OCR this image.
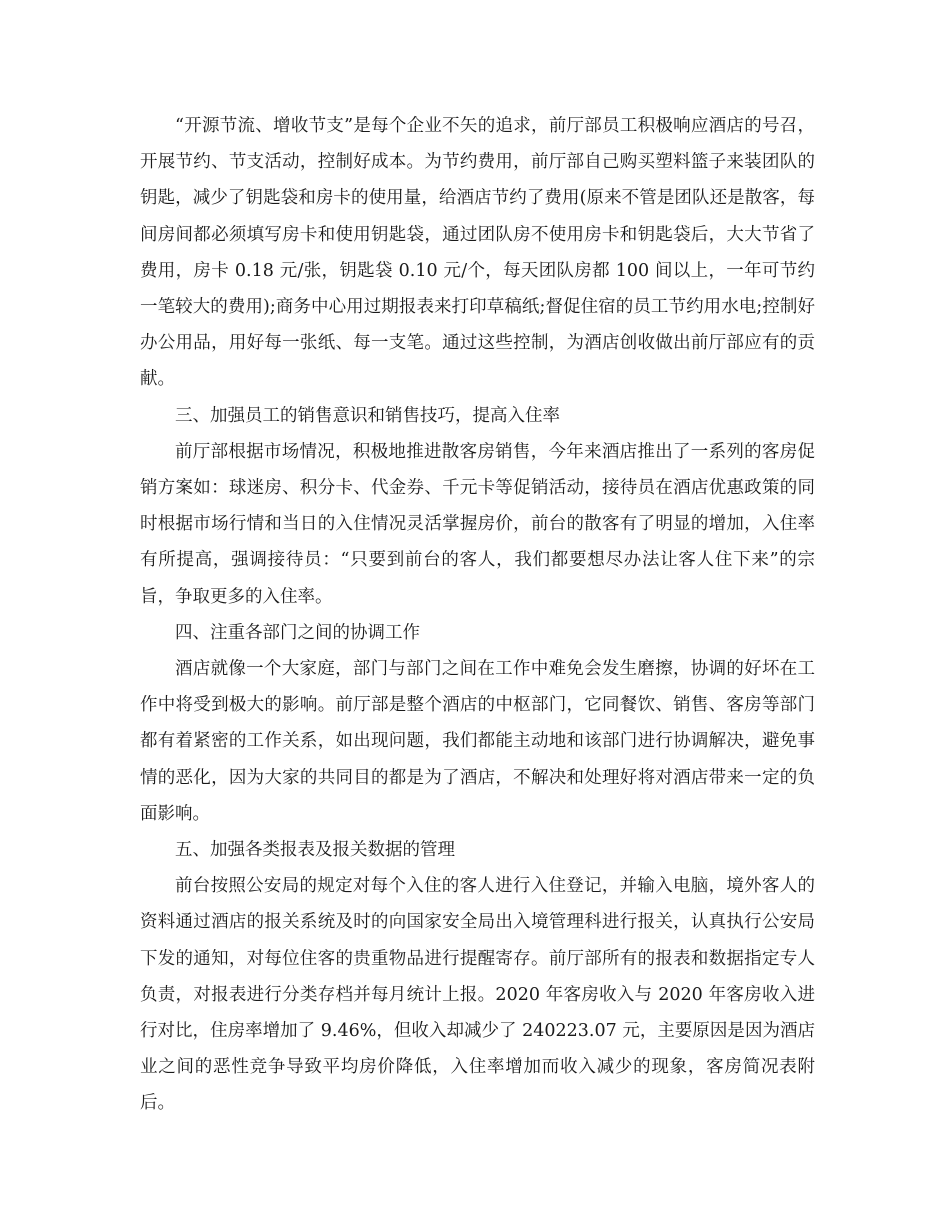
“开源节流、增收节支”是每个企业不矢的追求，前厅部员工积极响应酒店的号召，开展节约、节支活动，控制好成本。为节约费用，前厅部自己购买塑料篮子来装团队的钥匙，减少了钥匙袋和房卡的使用量，给酒店节约了费用(原来不管是团队还是散客，每间房间都必须填写房卡和使用钥匙袋，通过团队房不使用房卡和钥匙袋后，大大节省了费用，房卡 0.18 元/张，钥匙袋 0.10 元/个，每天团队房都 100 间以上，一年可节约一笔较大的费用);商务中心用过期报表来打印草稿纸;督促住宿的员工节约用水电;控制好办公用品，用好每一张纸、每一支笔。通过这些控制，为酒店创收做出前厅部应有的贡献。

三、加强员工的销售意识和销售技巧，提高入住率

前厅部根据市场情况，积极地推进散客房销售，今年来酒店推出了一系列的客房促销方案如：球迷房、积分卡、代金券、千元卡等促销活动，接待员在酒店优惠政策的同时根据市场行情和当日的入住情况灵活掌握房价，前台的散客有了明显的增加，入住率有所提高，强调接待员：“只要到前台的客人，我们都要想尽办法让客人住下来”的宗旨，争取更多的入住率。

四、注重各部门之间的协调工作

酒店就像一个大家庭，部门与部门之间在工作中难免会发生磨擦，协调的好坏在工作中将受到极大的影响。前厅部是整个酒店的中枢部门，它同餐饮、销售、客房等部门都有着紧密的工作关系，如出现问题，我们都能主动地和该部门进行协调解决，避免事情的恶化，因为大家的共同目的都是为了酒店，不解决和处理好将对酒店带来一定的负面影响。

五、加强各类报表及报关数据的管理

前台按照公安局的规定对每个入住的客人进行入住登记，并输入电脑，境外客人的资料通过酒店的报关系统及时的向国家安全局出入境管理科进行报关，认真执行公安局下发的通知，对每位住客的贵重物品进行提醒寄存。前厅部所有的报表和数据指定专人负责，对报表进行分类存档并每月统计上报。2020 年客房收入与 2020 年客房收入进行对比，住房率增加了 9.46%，但收入却减少了 240223.07 元，主要原因是因为酒店业之间的恶性竞争导致平均房价降低，入住率增加而收入减少的现象，客房简况表附后。
